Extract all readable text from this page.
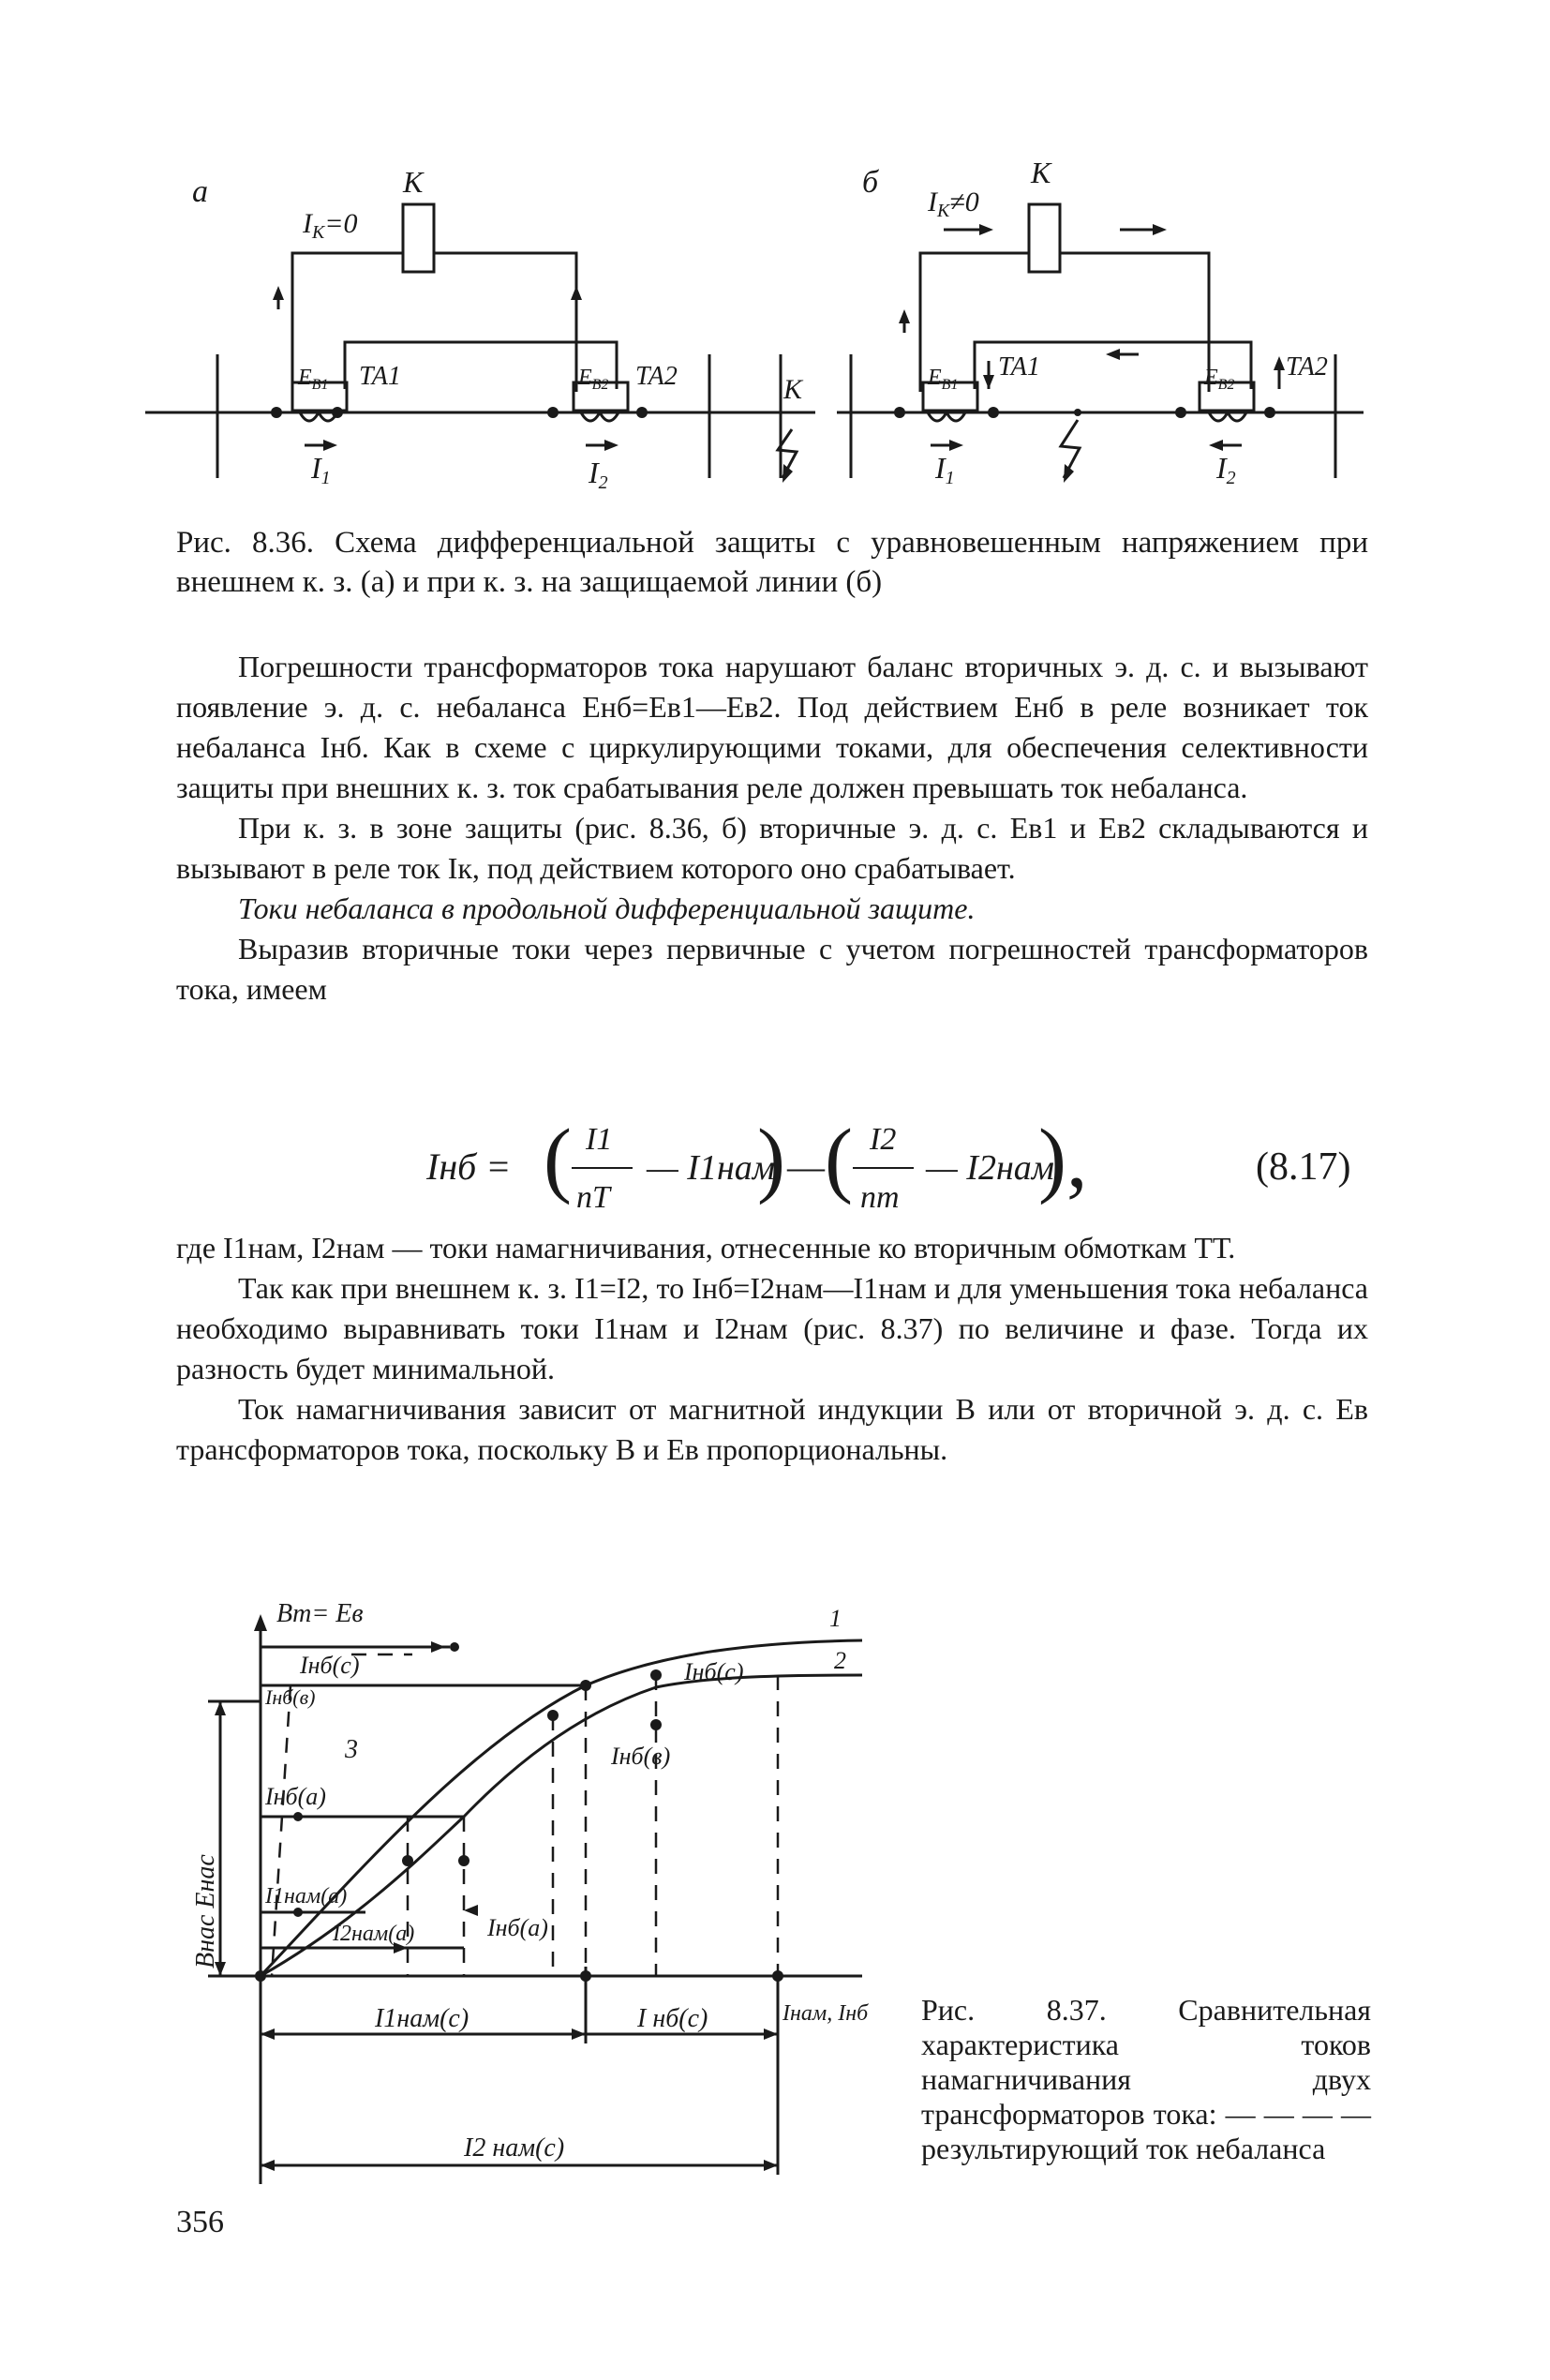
а	б
К	К
$I_К=0$
$I_К\ne 0$
$Е_{В1}$	$Е_{В2}$
ТА1	ТА2	$Е_{В1}$	$Е_{В2}$
ТА1	ТА2
I1	I2	I1	I2
К
Рис. 8.36. Схема дифференциальной защиты с уравновешенным напряжением при внешнем к. з. (а) и при к. з. на защищаемой линии (б)

Погрешности трансформаторов тока нарушают баланс вторичных э. д. с. и вызывают появление э. д. с. небаланса Енб=Ев1—Ев2. Под действием Енб в реле возникает ток небаланса Iнб. Как в схеме с циркулирующими токами, для обеспечения селективности защиты при внешних к. з. ток срабатывания реле должен превышать ток небаланса.

При к. з. в зоне защиты (рис. 8.36, б) вторичные э. д. с. Ев1 и Ев2 складываются и вызывают в реле ток Iк, под действием которого оно срабатывает.

Токи небаланса в продольной дифференциальной защите.

Выразив вторичные токи через первичные с учетом погрешностей трансформаторов тока, имеем

Iнб = ( I1
nT
— I1нам
) — ( I2
nт
— I2нам
),	(8.17)

где I1нам, I2нам — токи намагничивания, отнесенные ко вторичным обмоткам ТТ.

Так как при внешнем к. з. I1=I2, то Iнб=I2нам—I1нам и для уменьшения тока небаланса необходимо выравнивать токи I1нам и I2нам (рис. 8.37) по величине и фазе. Тогда их разность будет минимальной.

Ток намагничивания зависит от магнитной индукции В или от вторичной э. д. с. Ев трансформаторов тока, поскольку В и Ев пропорциональны.

Bm= Eв
Внас Енас
Iнам, Iнб
1
2
3
Iнб(с)
Iнб(в)
Iнб(с)
Iнб(в)
Iнб(а)
I1нам(а)
Iнб(а)
I2нам(а)
I1нам(с)	I нб(с)
I2 нам(с)
Рис. 8.37. Сравнительная характеристика токов намагничивания двух трансформаторов тока: — — — — результирующий ток небаланса
356
